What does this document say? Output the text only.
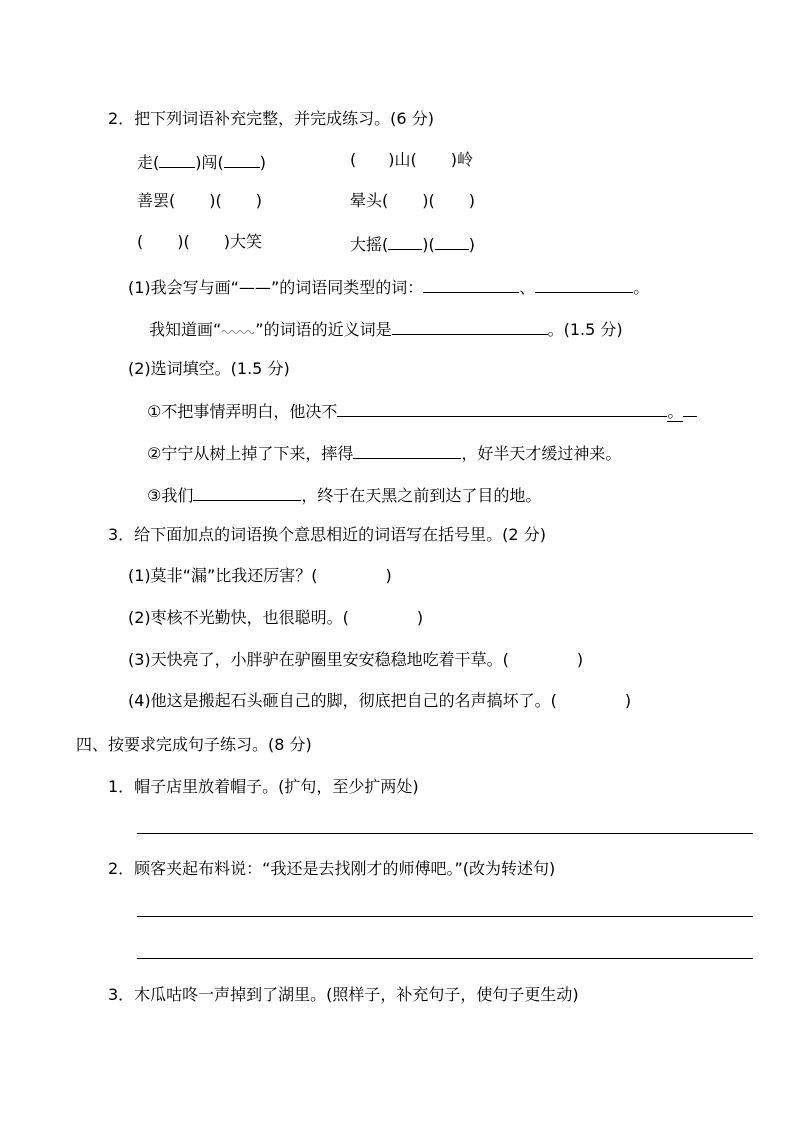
2．把下列词语补充完整，并完成练习。(6 分)
走( )闯( )	( )山( )岭
善罢( )( )	晕头( )( )
( )( )大笑	大摇( )( )
(1)我会写与画“——”的词语同类型的词：	、	。
我知道画“ ”的词语的近义词是	。(1.5 分)
(2)选词填空。(1.5 分)
①不把事情弄明白，他决不	。
②宁宁从树上掉了下来，摔得	，好半天才缓过神来。
③我们	，终于在天黑之前到达了目的地。
3．给下面加点的词语换个意思相近的词语写在括号里。(2 分)
(1)莫非“漏”比我还厉害？(	)
(2)枣核不光勤快，也很聪明。(	)
(3)天快亮了，小胖驴在驴圈里安安稳稳地吃着干草。(	)
(4)他这是搬起石头砸自己的脚，彻底把自己的名声搞坏了。(	)
四、按要求完成句子练习。(8 分)
1．帽子店里放着帽子。(扩句，至少扩两处)
2．顾客夹起布料说：“我还是去找刚才的师傅吧。”(改为转述句)
3．木瓜咕咚一声掉到了湖里。(照样子，补充句子，使句子更生动)
